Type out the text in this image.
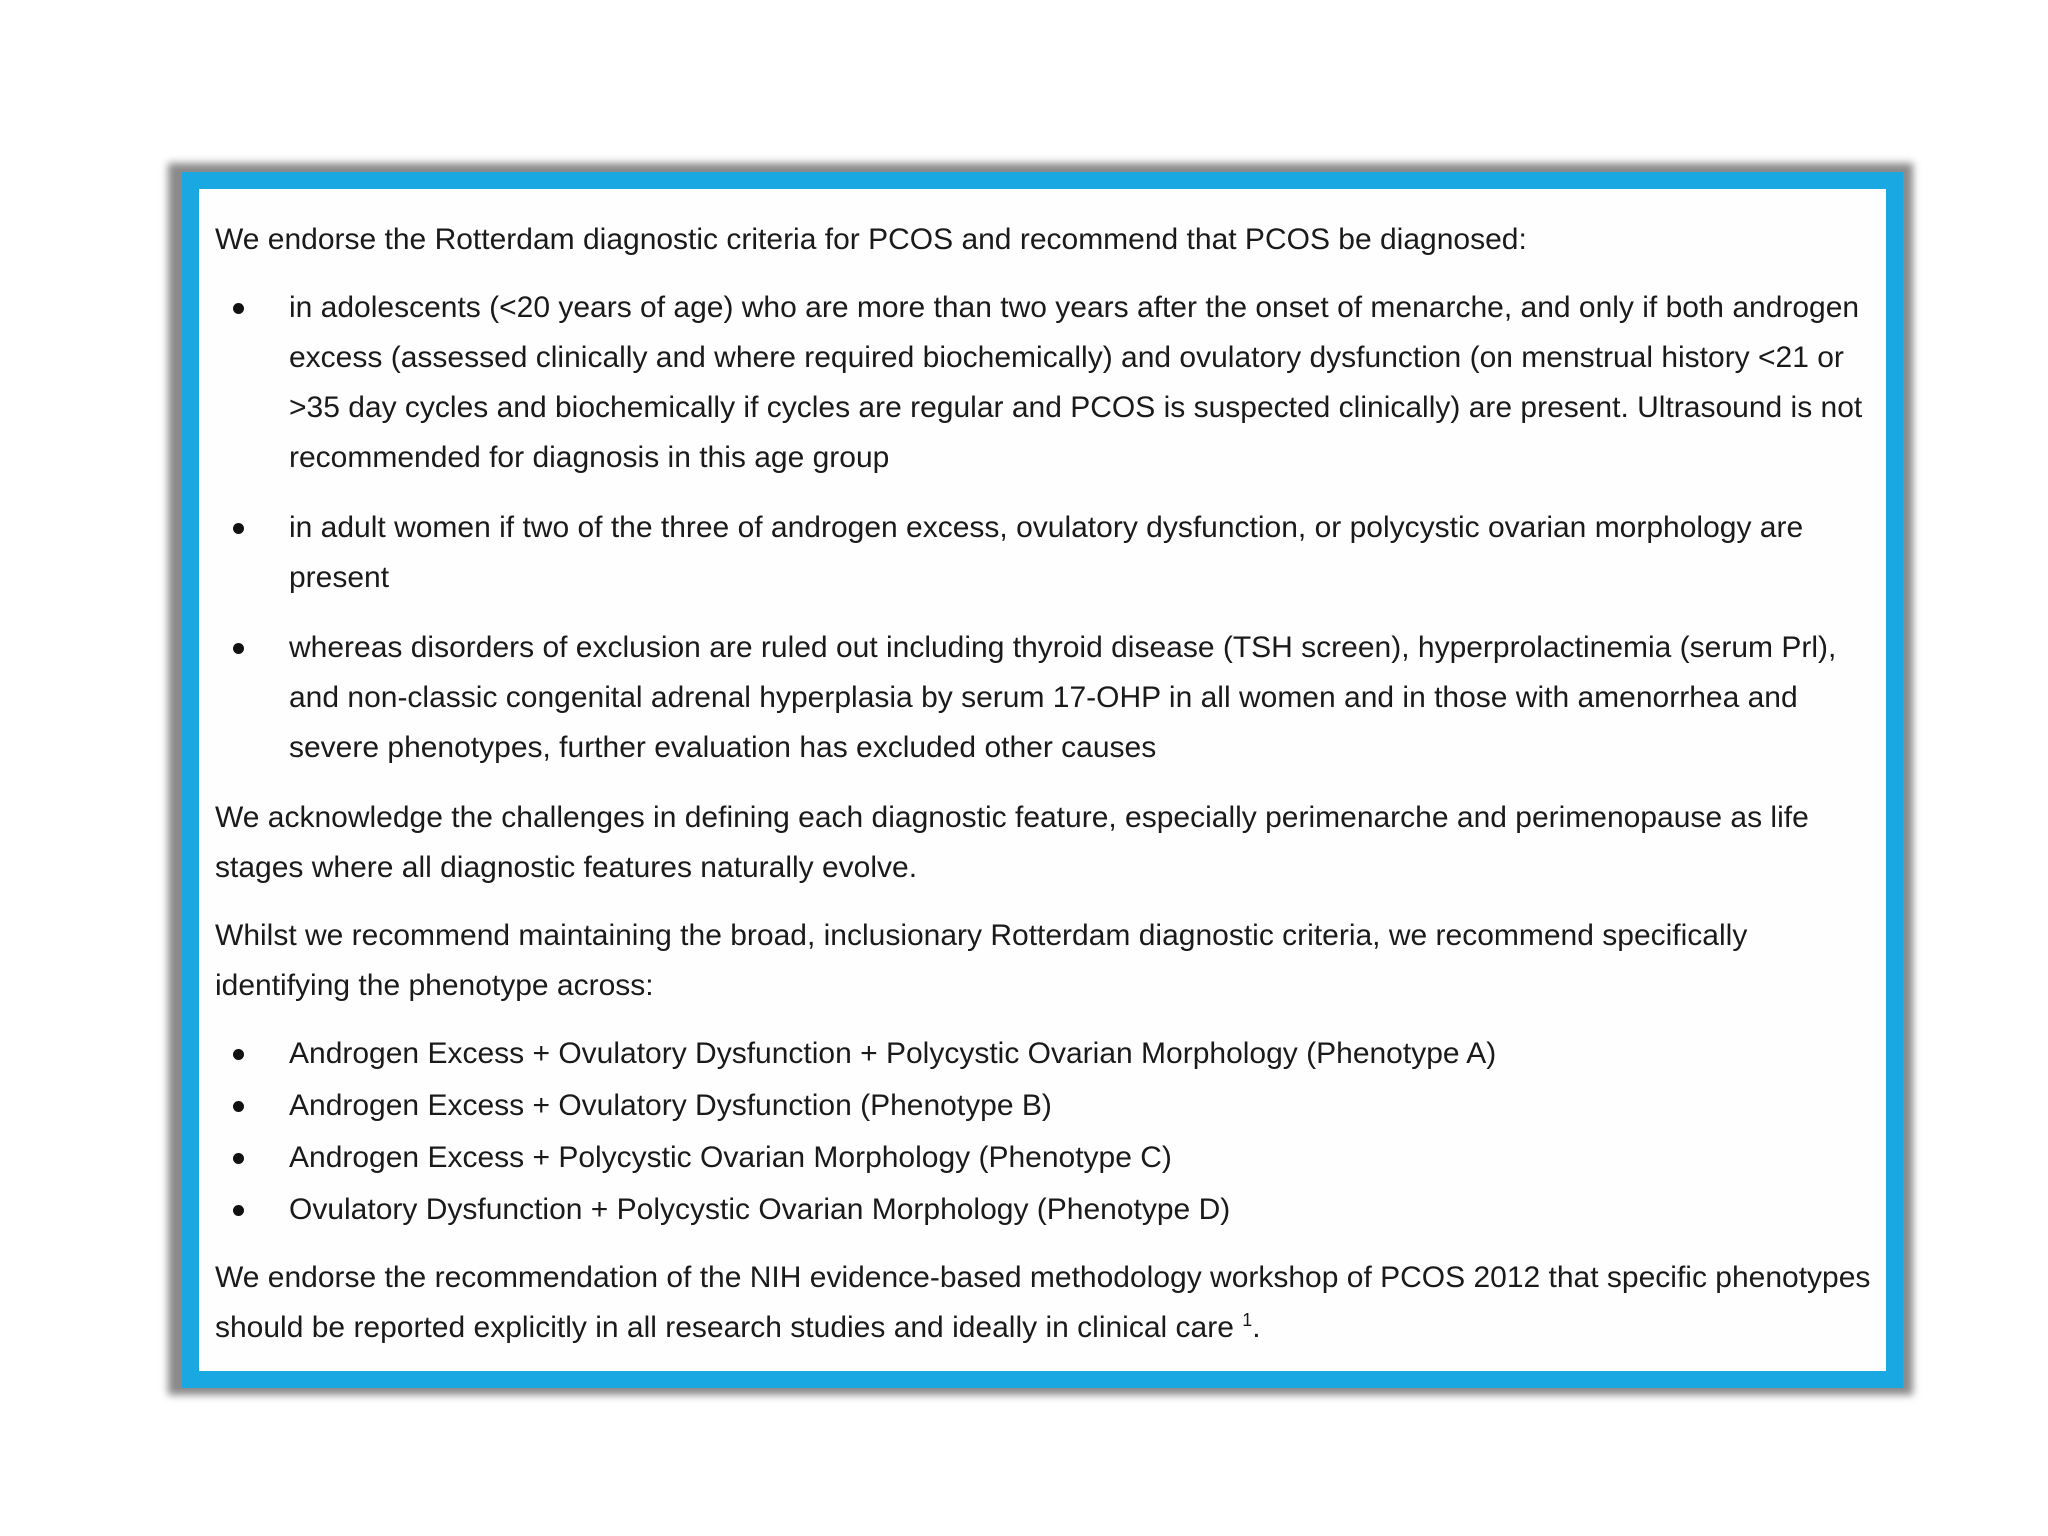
We endorse the Rotterdam diagnostic criteria for PCOS and recommend that PCOS be diagnosed:

in adolescents (<20 years of age) who are more than two years after the onset of menarche, and only if both androgen excess (assessed clinically and where required biochemically) and ovulatory dysfunction (on menstrual history <21 or >35 day cycles and biochemically if cycles are regular and PCOS is suspected clinically) are present. Ultrasound is not recommended for diagnosis in this age group
in adult women if two of the three of androgen excess, ovulatory dysfunction, or polycystic ovarian morphology are present
whereas disorders of exclusion are ruled out including thyroid disease (TSH screen), hyperprolactinemia (serum Prl), and non-classic congenital adrenal hyperplasia by serum 17-OHP in all women and in those with amenorrhea and severe phenotypes, further evaluation has excluded other causes

We acknowledge the challenges in defining each diagnostic feature, especially perimenarche and perimenopause as life stages where all diagnostic features naturally evolve.

Whilst we recommend maintaining the broad, inclusionary Rotterdam diagnostic criteria, we recommend specifically identifying the phenotype across:

Androgen Excess + Ovulatory Dysfunction + Polycystic Ovarian Morphology (Phenotype A)
Androgen Excess + Ovulatory Dysfunction (Phenotype B)
Androgen Excess + Polycystic Ovarian Morphology (Phenotype C)
Ovulatory Dysfunction + Polycystic Ovarian Morphology (Phenotype D)

We endorse the recommendation of the NIH evidence-based methodology workshop of PCOS 2012 that specific phenotypes should be reported explicitly in all research studies and ideally in clinical care $^1$.
